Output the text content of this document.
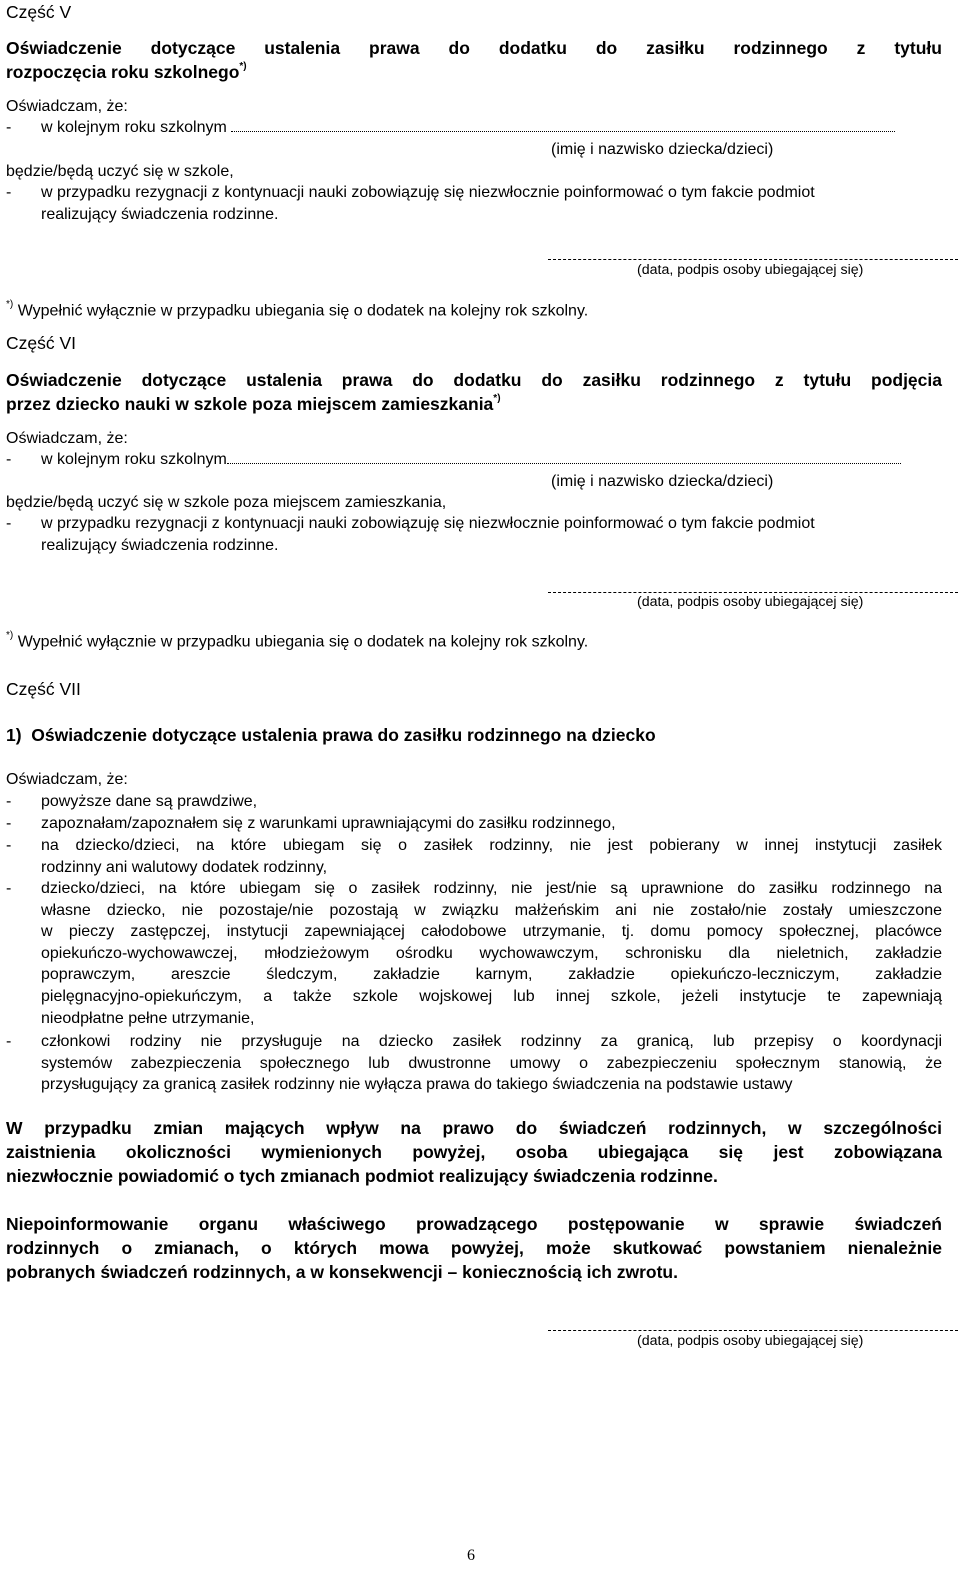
Część V
Oświadczenie dotyczące ustalenia prawa do dodatku do zasiłku rodzinnego z tytułu
rozpoczęcia roku szkolnego*)
Oświadczam, że:
- w kolejnym roku szkolnym
(imię i nazwisko dziecka/dzieci)
będzie/będą uczyć się w szkole,
- w przypadku rezygnacji z kontynuacji nauki zobowiązuję się niezwłocznie poinformować o tym fakcie podmiot
realizujący świadczenia rodzinne.
(data, podpis osoby ubiegającej się)
*) Wypełnić wyłącznie w przypadku ubiegania się o dodatek na kolejny rok szkolny.
Część VI
Oświadczenie dotyczące ustalenia prawa do dodatku do zasiłku rodzinnego z tytułu podjęcia
przez dziecko nauki w szkole poza miejscem zamieszkania*)
Oświadczam, że:
- w kolejnym roku szkolnym
(imię i nazwisko dziecka/dzieci)
będzie/będą uczyć się w szkole poza miejscem zamieszkania,
- w przypadku rezygnacji z kontynuacji nauki zobowiązuję się niezwłocznie poinformować o tym fakcie podmiot
realizujący świadczenia rodzinne.
(data, podpis osoby ubiegającej się)
*) Wypełnić wyłącznie w przypadku ubiegania się o dodatek na kolejny rok szkolny.
Część VII
1)  Oświadczenie dotyczące ustalenia prawa do zasiłku rodzinnego na dziecko
Oświadczam, że:
- powyższe dane są prawdziwe,
- zapoznałam/zapoznałem się z warunkami uprawniającymi do zasiłku rodzinnego,
- na dziecko/dzieci, na które ubiegam się o zasiłek rodzinny, nie jest pobierany w innej instytucji zasiłek
rodzinny ani walutowy dodatek rodzinny,
- dziecko/dzieci, na które ubiegam się o zasiłek rodzinny, nie jest/nie są uprawnione do zasiłku rodzinnego na
własne dziecko, nie pozostaje/nie pozostają w związku małżeńskim ani nie zostało/nie zostały umieszczone
w pieczy zastępczej, instytucji zapewniającej całodobowe utrzymanie, tj. domu pomocy społecznej, placówce
opiekuńczo-wychowawczej, młodzieżowym ośrodku wychowawczym, schronisku dla nieletnich, zakładzie
poprawczym, areszcie śledczym, zakładzie karnym, zakładzie opiekuńczo-leczniczym, zakładzie
pielęgnacyjno-opiekuńczym, a także szkole wojskowej lub innej szkole, jeżeli instytucje te zapewniają
nieodpłatne pełne utrzymanie,
- członkowi rodziny nie przysługuje na dziecko zasiłek rodzinny za granicą, lub przepisy o koordynacji
systemów zabezpieczenia społecznego lub dwustronne umowy o zabezpieczeniu społecznym stanowią, że
przysługujący za granicą zasiłek rodzinny nie wyłącza prawa do takiego świadczenia na podstawie ustawy
W przypadku zmian mających wpływ na prawo do świadczeń rodzinnych, w szczególności
zaistnienia okoliczności wymienionych powyżej, osoba ubiegająca się jest zobowiązana
niezwłocznie powiadomić o tych zmianach podmiot realizujący świadczenia rodzinne.
Niepoinformowanie organu właściwego prowadzącego postępowanie w sprawie świadczeń
rodzinnych o zmianach, o których mowa powyżej, może skutkować powstaniem nienależnie
pobranych świadczeń rodzinnych, a w konsekwencji – koniecznością ich zwrotu.
(data, podpis osoby ubiegającej się)
6
